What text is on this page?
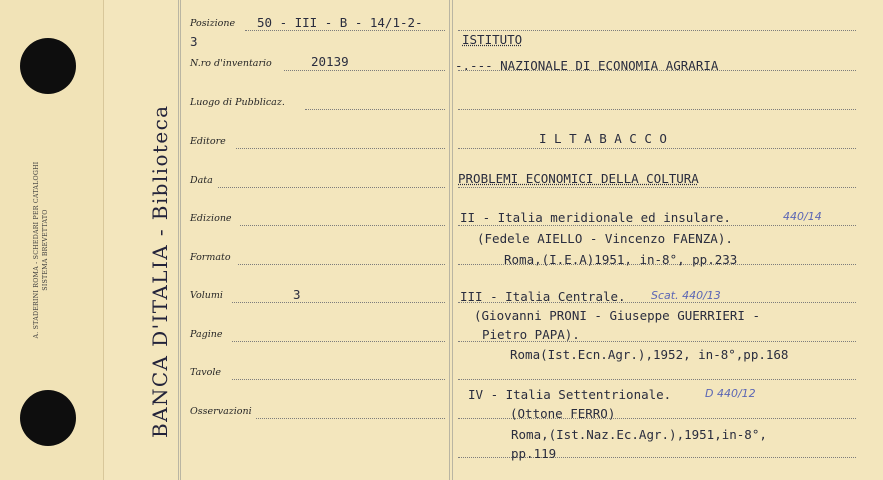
A. STADERINI ROMA - SCHEDARI PER CATALOGHI SISTEMA BREVETTATO	BANCA D'ITALIA - Biblioteca
Posizione 50 - III - B - 14/1-2-
3
N.ro d'inventario	20139
Luogo di Pubblicaz.
Editore
Data
Edizione
Formato
Volumi	3
Pagine
Tavole
Osservazioni
ISTITUTO
-.--- NAZIONALE DI ECONOMIA AGRARIA
I L T A B A C C O
PROBLEMI ECONOMICI DELLA COLTURA
II - Italia meridionale ed insulare.	440/14
(Fedele AIELLO - Vincenzo FAENZA).
Roma,(I.E.A)1951, in-8°, pp.233
III - Italia Centrale. Scat. 440/13
(Giovanni PRONI - Giuseppe GUERRIERI -
Pietro PAPA).
Roma(Ist.Ecn.Agr.),1952, in-8°,pp.168
IV - Italia Settentrionale.	D 440/12
(Ottone FERRO)
Roma,(Ist.Naz.Ec.Agr.),1951,in-8°,
pp.119
